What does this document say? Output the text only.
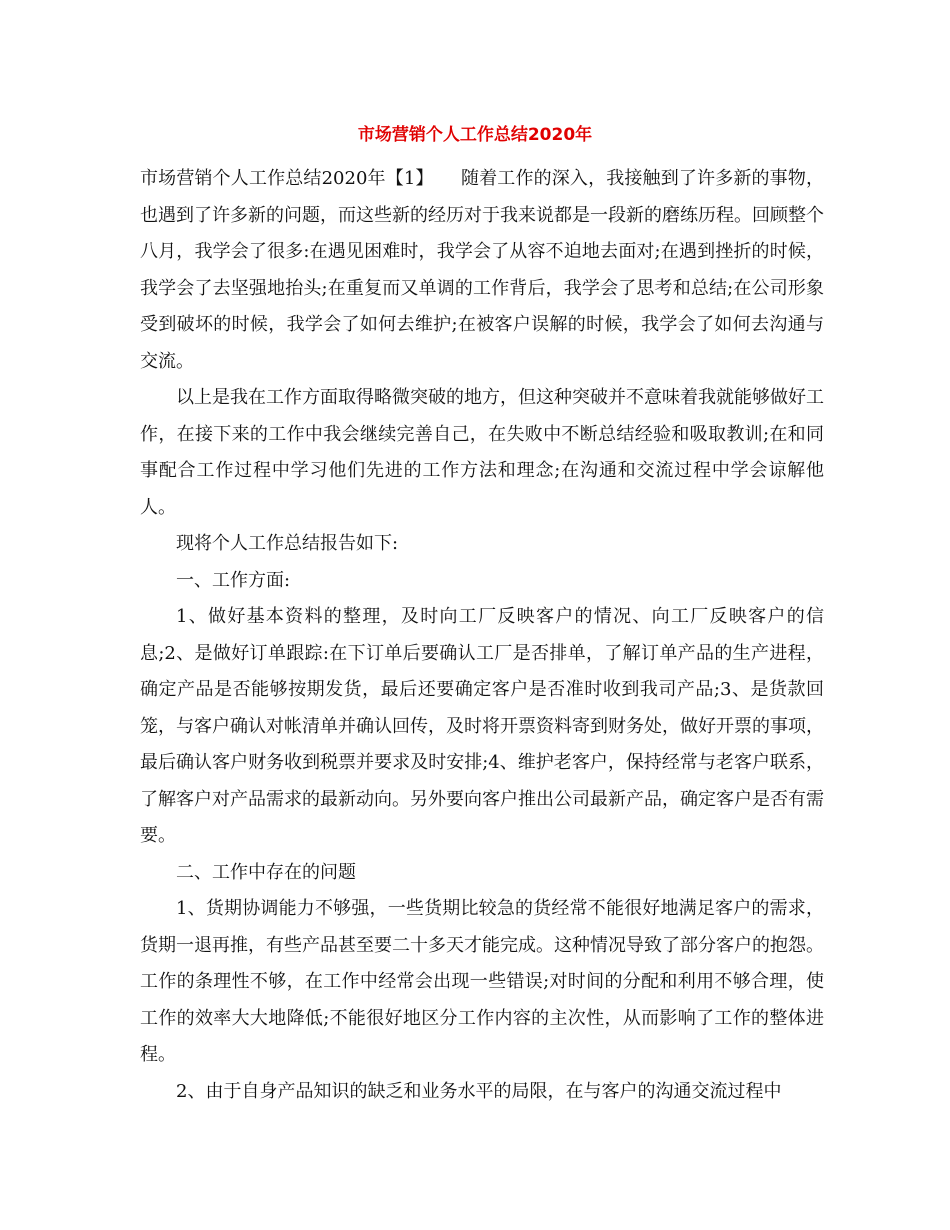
市场营销个人工作总结2020年

市场营销个人工作总结2020年【1】　　随着工作的深入，我接触到了许多新的事物，也遇到了许多新的问题，而这些新的经历对于我来说都是一段新的磨练历程。回顾整个八月，我学会了很多:在遇见困难时，我学会了从容不迫地去面对;在遇到挫折的时候，我学会了去坚强地抬头;在重复而又单调的工作背后，我学会了思考和总结;在公司形象受到破坏的时候，我学会了如何去维护;在被客户误解的时候，我学会了如何去沟通与交流。

以上是我在工作方面取得略微突破的地方，但这种突破并不意味着我就能够做好工作，在接下来的工作中我会继续完善自己，在失败中不断总结经验和吸取教训;在和同事配合工作过程中学习他们先进的工作方法和理念;在沟通和交流过程中学会谅解他人。

现将个人工作总结报告如下:

一、工作方面:

1、做好基本资料的整理，及时向工厂反映客户的情况、向工厂反映客户的信息;2、是做好订单跟踪:在下订单后要确认工厂是否排单，了解订单产品的生产进程，确定产品是否能够按期发货，最后还要确定客户是否准时收到我司产品;3、是货款回笼，与客户确认对帐清单并确认回传，及时将开票资料寄到财务处，做好开票的事项，最后确认客户财务收到税票并要求及时安排;4、维护老客户，保持经常与老客户联系，了解客户对产品需求的最新动向。另外要向客户推出公司最新产品，确定客户是否有需要。

二、工作中存在的问题

1、货期协调能力不够强，一些货期比较急的货经常不能很好地满足客户的需求，货期一退再推，有些产品甚至要二十多天才能完成。这种情况导致了部分客户的抱怨。工作的条理性不够，在工作中经常会出现一些错误;对时间的分配和利用不够合理，使工作的效率大大地降低;不能很好地区分工作内容的主次性，从而影响了工作的整体进程。

2、由于自身产品知识的缺乏和业务水平的局限，在与客户的沟通交流过程中
